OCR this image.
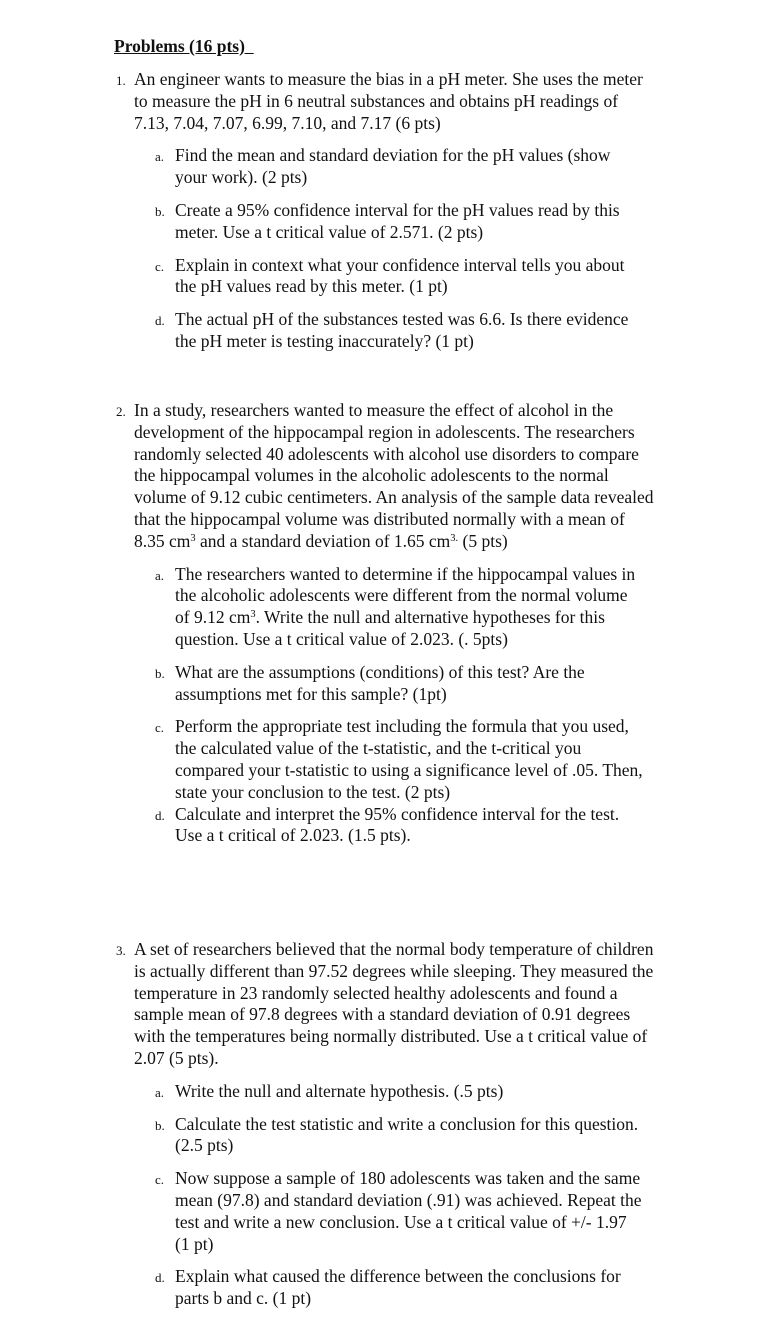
Problems (16 pts)
1. An engineer wants to measure the bias in a pH meter. She uses the meter to measure the pH in 6 neutral substances and obtains pH readings of 7.13, 7.04, 7.07, 6.99, 7.10, and 7.17 (6 pts)
a. Find the mean and standard deviation for the pH values (show your work). (2 pts)
b. Create a 95% confidence interval for the pH values read by this meter. Use a t critical value of 2.571. (2 pts)
c. Explain in context what your confidence interval tells you about the pH values read by this meter. (1 pt)
d. The actual pH of the substances tested was 6.6. Is there evidence the pH meter is testing inaccurately? (1 pt)
2. In a study, researchers wanted to measure the effect of alcohol in the development of the hippocampal region in adolescents. The researchers randomly selected 40 adolescents with alcohol use disorders to compare the hippocampal volumes in the alcoholic adolescents to the normal volume of 9.12 cubic centimeters. An analysis of the sample data revealed that the hippocampal volume was distributed normally with a mean of 8.35 $cm^3$ and a standard deviation of 1.65 $cm^{3.}$ (5 pts)
a. The researchers wanted to determine if the hippocampal values in the alcoholic adolescents were different from the normal volume of 9.12 $cm^3$. Write the null and alternative hypotheses for this question. Use a t critical value of 2.023. (. 5pts)
b. What are the assumptions (conditions) of this test? Are the assumptions met for this sample? (1pt)
c. Perform the appropriate test including the formula that you used, the calculated value of the t-statistic, and the t-critical you compared your t-statistic to using a significance level of .05. Then, state your conclusion to the test. (2 pts)
d. Calculate and interpret the 95% confidence interval for the test. Use a t critical of 2.023. (1.5 pts).
3. A set of researchers believed that the normal body temperature of children is actually different than 97.52 degrees while sleeping. They measured the temperature in 23 randomly selected healthy adolescents and found a sample mean of 97.8 degrees with a standard deviation of 0.91 degrees with the temperatures being normally distributed. Use a t critical value of 2.07 (5 pts).
a. Write the null and alternate hypothesis. (.5 pts)
b. Calculate the test statistic and write a conclusion for this question. (2.5 pts)
c. Now suppose a sample of 180 adolescents was taken and the same mean (97.8) and standard deviation (.91) was achieved. Repeat the test and write a new conclusion. Use a t critical value of +/- 1.97 (1 pt)
d. Explain what caused the difference between the conclusions for parts b and c. (1 pt)
